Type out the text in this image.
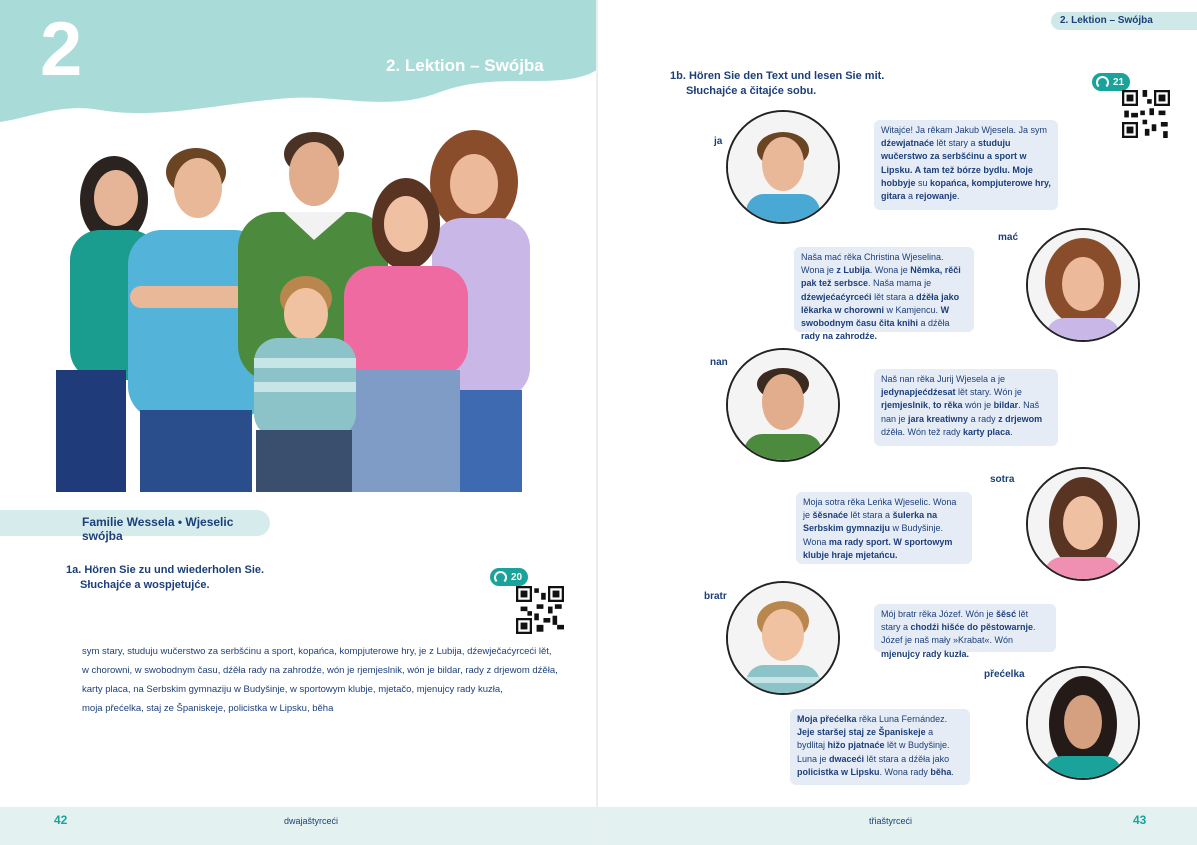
2	2. Lektion – Swójba
Familie Wessela • Wjeselic swójba
1a. Hören Sie zu und wiederholen Sie.
Słuchajće a wospjetujće.
20
sym stary, studuju wučerstwo za serbšćinu a sport, kopańca, kompjuterowe hry, je z Lubija, dźewječaćyrceći lět,
w chorowni, w swobodnym času, dźěła rady na zahrodźe, wón je rjemjeslnik, wón je bildar, rady z drjewom dźěła,
karty placa, na Serbskim gymnaziju w Budyšinje, w sportowym klubje, mjetačo, mjenujcy rady kuzła,
moja přećelka, staj ze Španiskeje, policistka w Lipsku, běha
42	dwajaštyrceći
2. Lektion – Swójba
1b. Hören Sie den Text und lesen Sie mit.
Słuchajće a čitajće sobu.
21
ja
Witajće! Ja rěkam Jakub Wjesela. Ja sym dźewjatnaće lět stary a studuju wučerstwo za serbšćinu a sport w Lipsku. A tam tež bórze bydlu. Moje hobbyje su kopańca, kompjuterowe hry, gitara a rejowanje.
mać
Naša mać rěka Christina Wjeselina. Wona je z Lubija. Wona je Němka, rěči pak tež serbsce. Naša mama je dźewjećaćyrceći lět stara a dźěła jako lěkarka w chorowni w Kamjencu. W swobodnym času čita knihi a dźěła rady na zahrodźe.
nan
Naš nan rěka Jurij Wjesela a je jedynapjećdźesat lět stary. Wón je rjemjeslnik, to rěka wón je bildar. Naš nan je jara kreatiwny a rady z drjewom dźěła. Wón tež rady karty placa.
sotra
Moja sotra rěka Leńka Wjeselic. Wona je šěsnaće lět stara a šulerka na Serbskim gymnaziju w Budyšinje. Wona ma rady sport. W sportowym klubje hraje mjetańcu.
bratr
Mój bratr rěka Józef. Wón je šěsć lět stary a chodźi hišće do pěstowarnje. Józef je naš mały »Krabat«. Wón mjenujcy rady kuzła.
přećelka
Moja přećelka rěka Luna Fernández. Jeje staršej staj ze Španiskeje a bydlitaj hižo pjatnaće lět w Budyšinje. Luna je dwaceći lět stara a dźěła jako policistka w Lipsku. Wona rady běha.
třiaštyrceći	43
